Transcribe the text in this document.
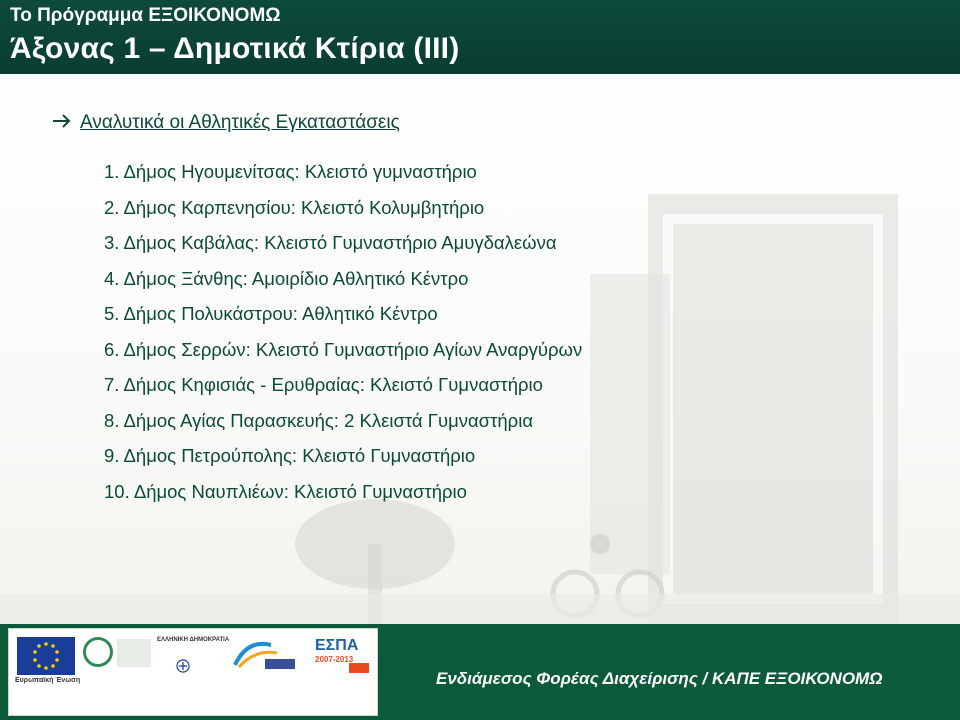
Το Πρόγραμμα ΕΞΟΙΚΟΝΟΜΩ
Άξονας 1 – Δημοτικά Κτίρια (ΙΙΙ)
Αναλυτικά οι Αθλητικές Εγκαταστάσεις
1. Δήμος Ηγουμενίτσας: Κλειστό γυμναστήριο
2. Δήμος Καρπενησίου: Κλειστό Κολυμβητήριο
3. Δήμος Καβάλας: Κλειστό Γυμναστήριο Αμυγδαλεώνα
4. Δήμος Ξάνθης: Αμοιρίδιο Αθλητικό Κέντρο
5. Δήμος Πολυκάστρου: Αθλητικό Κέντρο
6. Δήμος Σερρών: Κλειστό Γυμναστήριο Αγίων Αναργύρων
7. Δήμος Κηφισιάς - Ερυθραίας: Κλειστό Γυμναστήριο
8. Δήμος Αγίας Παρασκευής: 2 Κλειστά Γυμναστήρια
9. Δήμος Πετρούπολης: Κλειστό Γυμναστήριο
10. Δήμος Ναυπλιέων: Κλειστό Γυμναστήριο
Ευρωπαϊκή Ένωση
ΕΛΛΗΝΙΚΗ ΔΗΜΟΚΡΑΤΙΑ	ΕΣΠΑ
2007-2013
Ενδιάμεσος Φορέας Διαχείρισης / ΚΑΠΕ ΕΞΟΙΚΟΝΟΜΩ
